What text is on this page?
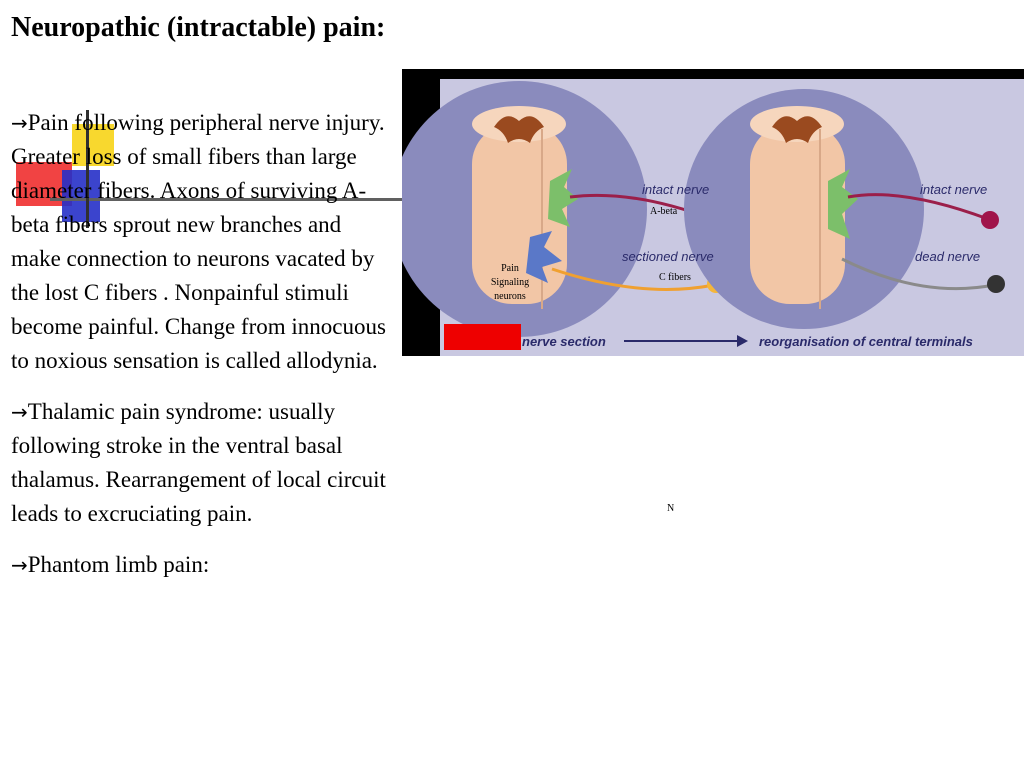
Neuropathic (intractable) pain:

→Pain following peripheral nerve injury. Greater loss of small fibers than large diameter fibers. Axons of surviving A-beta fibers sprout new branches and make connection to neurons vacated by the lost C fibers . Nonpainful stimuli become painful. Change from innocuous to noxious sensation is called allodynia.

→Thalamic pain syndrome: usually following stroke in the ventral basal thalamus. Rearrangement of local circuit leads to excruciating pain.

→Phantom limb pain:

intact nerve
sectioned nerve
intact nerve
dead nerve
A-beta
C fibers
Pain
Signaling
neurons
nerve section	reorganisation of central terminals
N
